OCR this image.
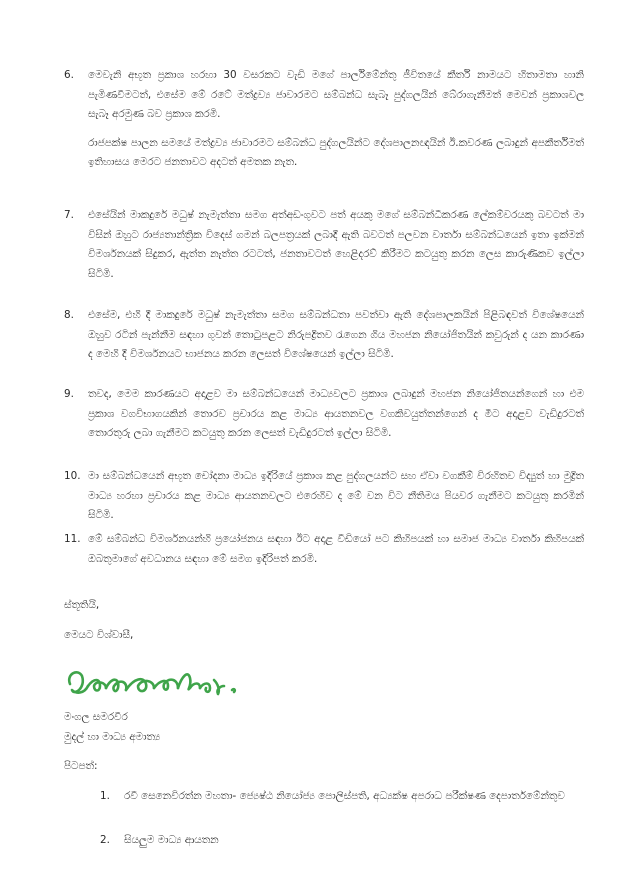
6. මෙවැනි අභූත ප්‍රකාශ හරහා 30 වසරකට වැඩි මගේ පාර්ලිමේන්තු ජීවිතයේ කීර්ති නාමයට හිතාමතා හානි පැමිණවීමටත්, එසේම මේ රටේ මත්ද්‍රව්‍ය ජාවාරමට සම්බන්ධ සැබෑ පුද්ගලයින් බේරාගැනීමත් මෙවන් ප්‍රකාශවල සැබෑ අරමුණ බව ප්‍රකාශ කරමි.

රාජපක්ෂ පාලන සමයේ මත්ද්‍රව්‍ය ජාවාරමට සම්බන්ධ පුද්ගලයින්ට දේශපාලනඥයින් ඊ.කවරණ ලබාදුන් අපකීර්තිමත් ඉතිහාසය මෙරට ජනතාවට අදටත් අමතක නැත.

7. එසේයින් මාකදුරේ මධුෂ් නැමැත්තා සමග අත්අඩංගුවට පත් අයකු මගේ සම්බන්ධීකරණ ලේකම්වරයකු බවටත් මා විසින් ඔහුට රාජ්‍යතාන්ත්‍රික විදෙස් ගමන් බලපත්‍රයක් ලබාදී ඇති බවටත් පලවන වාර්තා සම්බන්ධයෙන් ඉතා ඉක්මන් විමර්ශනයක් සිදුකර, ඇත්ත නැත්ත රටටත්, ජනතාවටත් හෙළිදරව් කිරීමට කටයුතු කරන ලෙස කාරුණිකව ඉල්ලා සිටිමි.

8. එසේම, එහි දී මාකදුරේ මධුෂ් නැමැත්තා සමග සම්බන්ධතා පවත්වා ඇති දේශපාලකයින් පිළිබඳවත් විශේෂයෙන් ඔහුව රටින් පැන්නීම සඳහා ගුවන් තොටුපළට නිරුපද්‍රිතව රැගෙන ගිය මහජන නියෝජිතයින් කවුරුන් ද යන කාරණා ද මෙහි දී විමර්ශනයට භාජනය කරන ලෙසත් විශේෂයෙන් ඉල්ලා සිටිමි.

9. තවද, මෙම කාරණයට අදාළව මා සම්බන්ධයෙන් මාධ්‍යවලට ප්‍රකාශ ලබාදුන් මහජන නියෝජිතයන්ගෙන් හා එම ප්‍රකාශ වගවිභාගයකින් තොරව ප්‍රචාරය කළ මාධ්‍ය ආයතනවල වගකිවයුත්තන්ගෙන් ද මීට අදාළව වැඩිදුරටත් තොරතුරු ලබා ගැනීමට කටයුතු කරන ලෙසත් වැඩිදුරටත් ඉල්ලා සිටිමි.

10. මා සම්බන්ධයෙන් අභූත චෝදනා මාධ්‍ය ඉදිරියේ ප්‍රකාශ කළ පුද්ගලයන්ට සහ ඒවා වගකීම් විරහිතව විද්‍යුත් හා මුද්‍රිත මාධ්‍ය හරහා ප්‍රචාරය කළ මාධ්‍ය ආයතනවලට එරෙහිව ද මේ වන විට නීතිමය පියවර ගැනීමට කටයුතු කරමින් සිටිමි.

11. මේ සම්බන්ධ විමර්ශනයන්හි ප්‍රයෝජනය සඳහා ඊට අදාළ වීඩියෝ පට කිහිපයක් හා සමාජ මාධ්‍ය වාර්තා කිහිපයක් ඔබතුමාගේ අවධානය සඳහා මේ සමග ඉදිරිපත් කරමි.

ස්තූතියි,
මෙයට විශ්වාසී,
මංගල සමරවීර
මුදල් හා මාධ්‍ය අමාත්‍ය
පිටපත්:
1. රවී සෙනෙවිරත්න මහතා- ජ්‍යෙෂ්ඨ නියෝජ්‍ය පොලිස්පති, අධ්‍යක්ෂ අපරාධ පරීක්ෂණ දෙපාර්තමේන්තුව
2. සියලුම මාධ්‍ය ආයතන
